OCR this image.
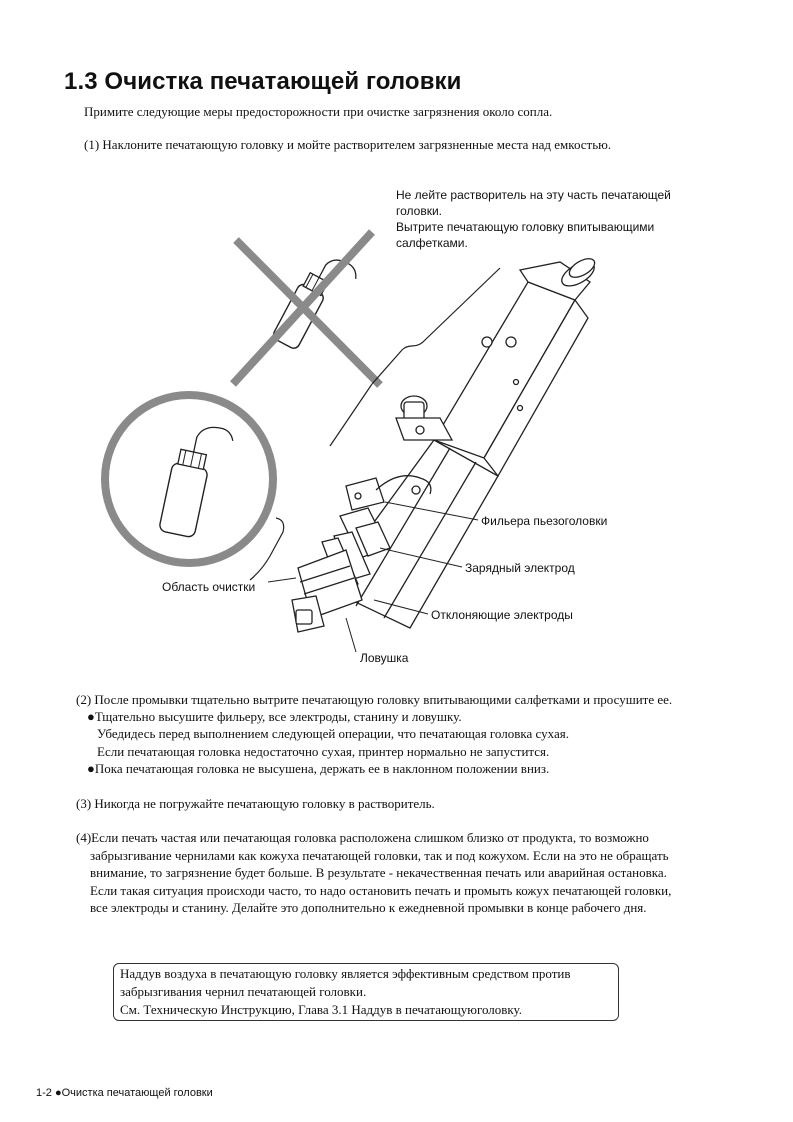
1.3 Очистка печатающей головки
Примите следующие меры предосторожности при очистке загрязнения около сопла.
(1) Наклоните печатающую головку и мойте растворителем загрязненные места над емкостью.
Не лейте растворитель на эту часть печатающей
головки.
Вытрите печатающую головку впитывающими
салфетками.
Область очистки
Фильера пьезоголовки
Зарядный электрод
Отклоняющие электроды
Ловушка
(2) После промывки тщательно вытрите печатающую головку впитывающими салфетками и просушите ее.
●Тщательно высушите фильеру, все электроды, станину и ловушку.
Убедидесь перед выполнением следующей операции, что печатающая головка сухая.
Если печатающая головка недостаточно сухая, принтер нормально не запустится.
●Пока печатающая головка не высушена, держать ее в наклонном положении вниз.
(3) Никогда не погружайте печатающую головку в растворитель.
(4)Если печать частая или печатающая головка расположена слишком близко от продукта, то возможно
забрызгивание чернилами как кожуха печатающей головки, так и под кожухом. Если на это не обращать
внимание, то загрязнение будет больше. В результате - некачественная печать или аварийная остановка.
Если такая ситуация происходи часто, то надо остановить печать и промыть кожух печатающей головки,
все электроды и станину. Делайте это дополнительно к ежедневной промывки в конце рабочего дня.
Наддув воздуха в печатающую головку является эффективным средством против
забрызгивания чернил печатающей головки.
См. Техническую Инструкцию, Глава 3.1 Наддув в печатающуюголовку.
1-2 ●Очистка печатающей головки
